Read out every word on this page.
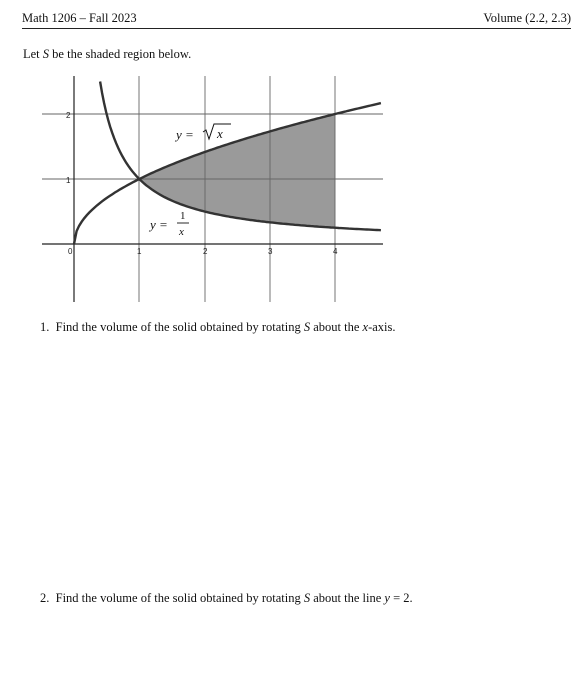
Math 1206 – Fall 2023	Volume (2.2, 2.3)
Let S be the shaded region below.
0	1	2	3	4
2
1
y = x
y =
1
x
1. Find the volume of the solid obtained by rotating S about the x-axis.
2. Find the volume of the solid obtained by rotating S about the line y = 2.
